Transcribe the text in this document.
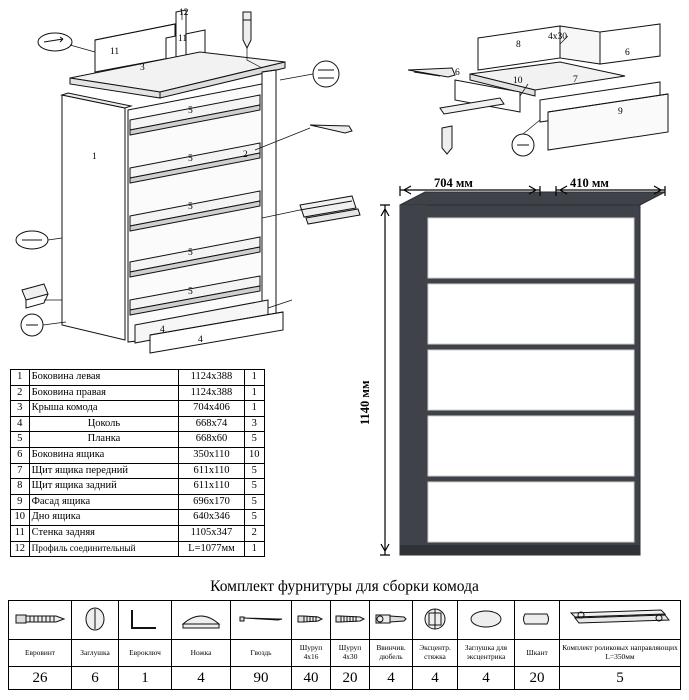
12
11
11
3
5
5
5
5
5
1	2
4
4
8
4х30
6
6
10	7
9
704 мм	410 мм
1140 мм
1	Боковина левая	1124х388	1
2	Боковина правая	1124х388	1
3	Крыша комода	704х406	1
4	Цоколь	668х74	3
5	Планка	668х60	5
6	Боковина ящика	350х110	10
7	Щит ящика передний	611х110	5
8	Щит ящика задний	611х110	5
9	Фасад ящика	696х170	5
10	Дно ящика	640х346	5
11	Стенка задняя	1105х347	2
12	Профиль соединительный	L=1077мм	1
Комплект фурнитуры для сборки комода

Евровинт	Заглушка	Евроключ	Ножка	Гвоздь	Шуруп 4х16	Шуруп 4х30	Ввинчив. дюбель	Эксцентр. стяжка	Заглушка для эксцентрика	Шкант	Комплект роликовых направляющих L=350мм
26	6	1	4	90	40	20	4	4	4	20	5
